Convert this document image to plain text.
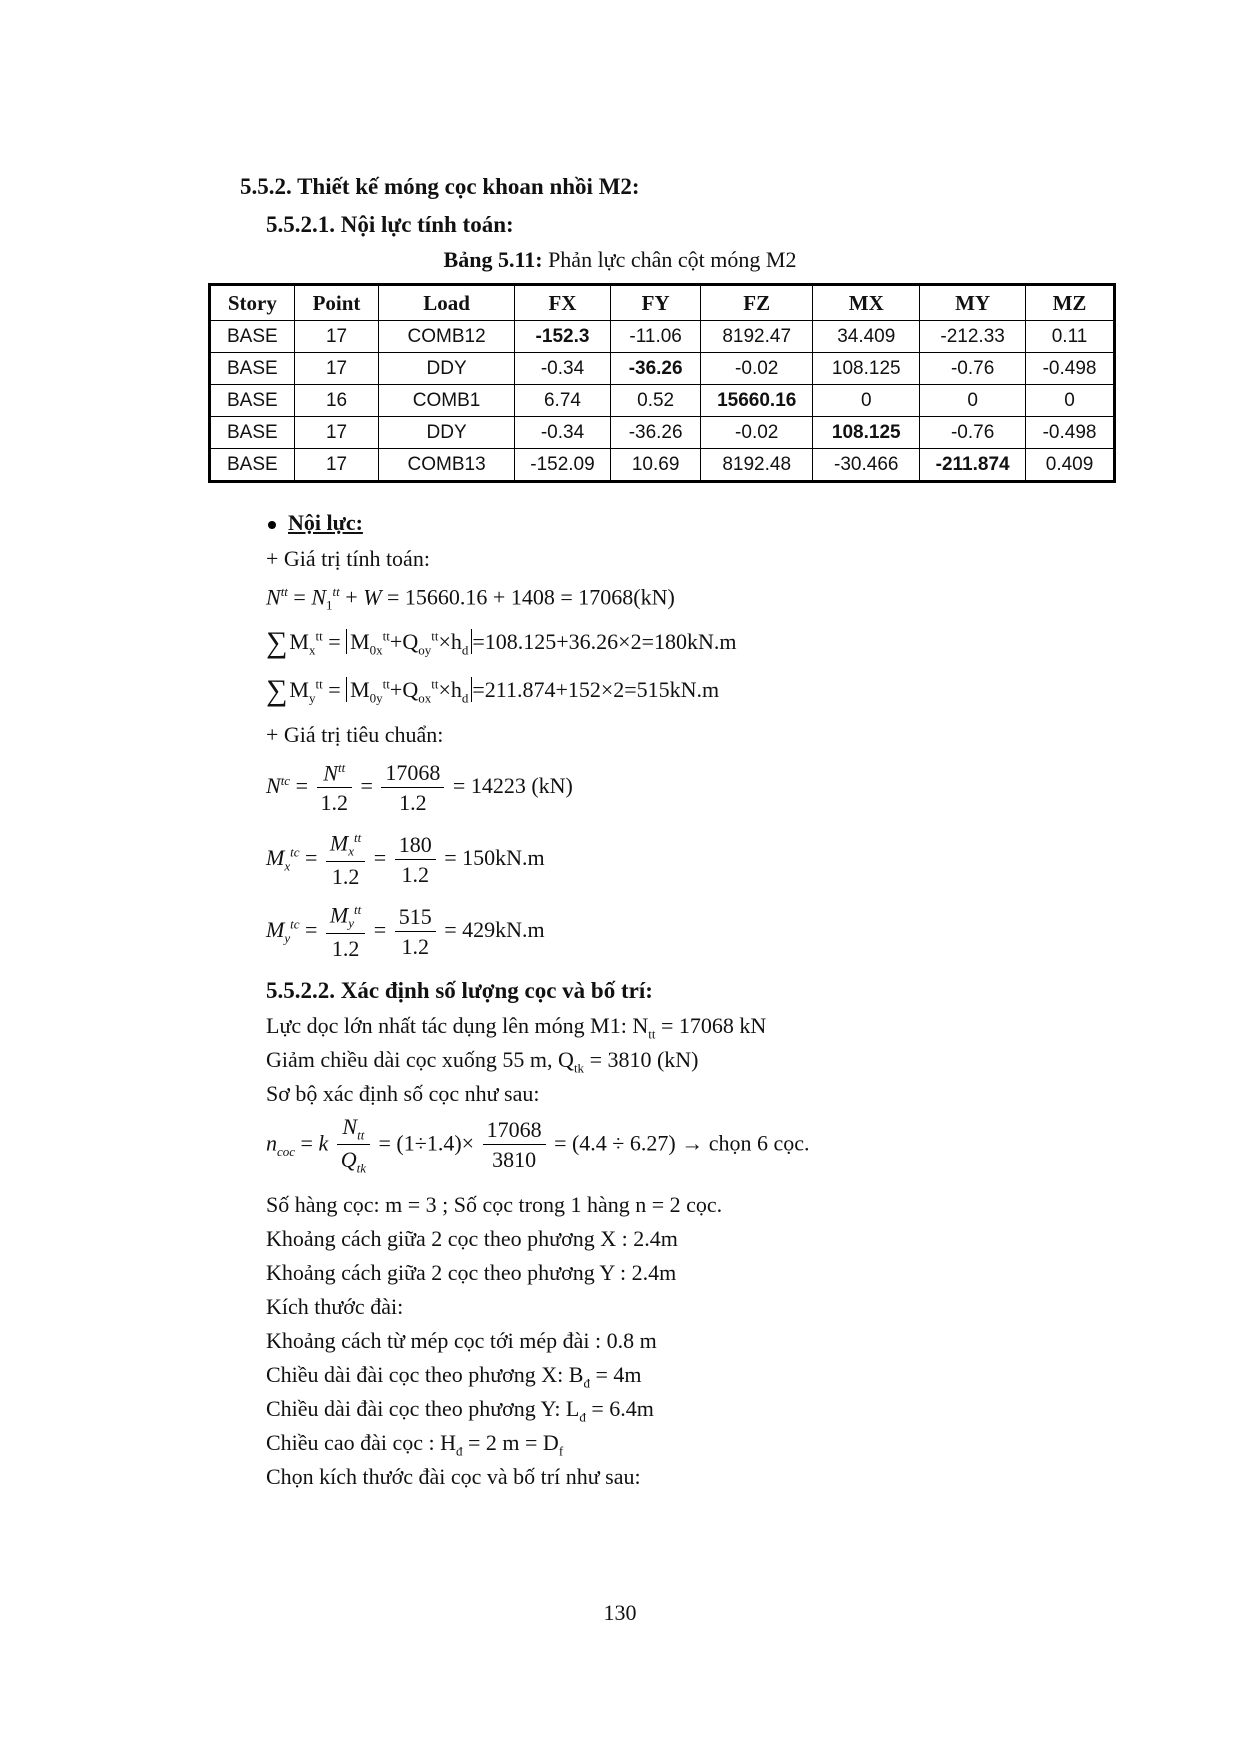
5.5.2. Thiết kế móng cọc khoan nhồi M2:
5.5.2.1. Nội lực tính toán:
Bảng 5.11: Phản lực chân cột móng M2
Story	Point	Load	FX	FY	FZ	MX	MY	MZ
BASE	17	COMB12	-152.3	-11.06	8192.47	34.409	-212.33	0.11
BASE	17	DDY	-0.34	-36.26	-0.02	108.125	-0.76	-0.498
BASE	16	COMB1	6.74	0.52	15660.16	0	0	0
BASE	17	DDY	-0.34	-36.26	-0.02	108.125	-0.76	-0.498
BASE	17	COMB13	-152.09	10.69	8192.48	-30.466	-211.874	0.409
Nội lực:
+ Giá trị tính toán:
$N^{tt} = N_1^{tt} + W = 15660.16 + 1408 = 17068(kN)$
$\sum M_x^{tt} = M_{0x}^{tt}+Q_{oy}^{tt}\times h_d =108.125+36.26\times 2=180kN.m$
$\sum M_y^{tt} = M_{0y}^{tt}+Q_{ox}^{tt}\times h_d =211.874+152\times 2=515kN.m$
+ Giá trị tiêu chuẩn:
$N^{tc} = \frac{N^{tt}}{1.2} = \frac{17068}{1.2} = 14223$ (kN)
$M_x^{tc} = \frac{M_x^{tt}}{1.2} = \frac{180}{1.2} = 150kN.m$
$M_y^{tc} = \frac{M_y^{tt}}{1.2} = \frac{515}{1.2} = 429kN.m$
5.5.2.2. Xác định số lượng cọc và bố trí:
Lực dọc lớn nhất tác dụng lên móng M1: $N_{tt} = 17068$ kN
Giảm chiều dài cọc xuống 55 m, $Q_{tk} = 3810$ (kN)
Sơ bộ xác định số cọc như sau:
$n_{coc} = k \frac{N_{tt}}{Q_{tk}} = (1\div 1.4)\times \frac{17068}{3810} = (4.4 \div 6.27)$ → chọn 6 cọc.
Số hàng cọc: m = 3 ; Số cọc trong 1 hàng n = 2 cọc.
Khoảng cách giữa 2 cọc theo phương X : 2.4m
Khoảng cách giữa 2 cọc theo phương Y : 2.4m
Kích thước đài:
Khoảng cách từ mép cọc tới mép đài : 0.8 m
Chiều dài đài cọc theo phương X: $B_đ = 4m$
Chiều dài đài cọc theo phương Y: $L_đ = 6.4m$
Chiều cao đài cọc : $H_đ = 2$ $m = D_f$
Chọn kích thước đài cọc và bố trí như sau:
130
